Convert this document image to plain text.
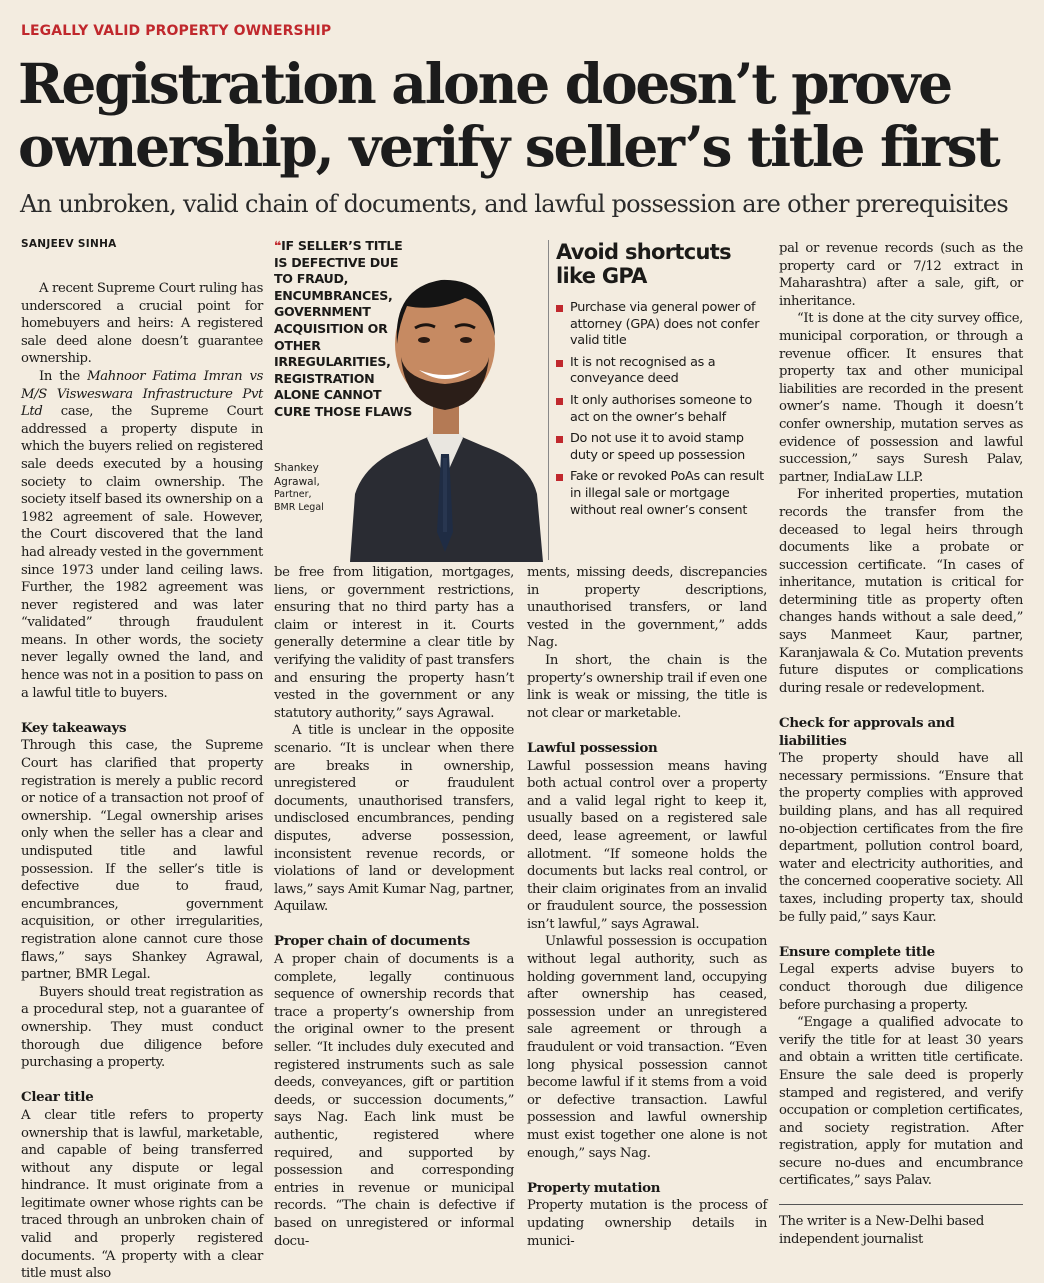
LEGALLY VALID PROPERTY OWNERSHIP
Registration alone doesn’t prove ownership, verify seller’s title first
An unbroken, valid chain of documents, and lawful possession are other prerequisites
SANJEEV SINHA

A recent Supreme Court ruling has underscored a crucial point for homebuyers and heirs: A registered sale deed alone doesn’t guarantee ownership.

In the Mahnoor Fatima Imran vs M/S Visweswara Infrastructure Pvt Ltd case, the Supreme Court addressed a property dispute in which the buyers relied on registered sale deeds executed by a housing society to claim ownership. The society itself based its ownership on a 1982 agreement of sale. However, the Court discovered that the land had already vested in the government since 1973 under land ceiling laws. Further, the 1982 agreement was never registered and was later “validated” through fraudulent means. In other words, the society never legally owned the land, and hence was not in a position to pass on a lawful title to buyers.

Key takeaways

Through this case, the Supreme Court has clarified that property registration is merely a public record or notice of a transaction not proof of ownership. “Legal ownership arises only when the seller has a clear and undisputed title and lawful possession. If the seller’s title is defective due to fraud, encumbrances, government acquisition, or other irregularities, registration alone cannot cure those flaws,” says Shankey Agrawal, partner, BMR Legal.

Buyers should treat registration as a procedural step, not a guarantee of ownership. They must conduct thorough due diligence before purchasing a property.

Clear title

A clear title refers to property ownership that is lawful, marketable, and capable of being transferred without any dispute or legal hindrance. It must originate from a legitimate owner whose rights can be traced through an unbroken chain of valid and properly registered documents. “A property with a clear title must also

❝IF SELLER’S TITLE IS DEFECTIVE DUE TO FRAUD, ENCUMBRANCES, GOVERNMENT ACQUISITION OR OTHER IRREGULARITIES, REGISTRATION ALONE CANNOT CURE THOSE FLAWS
Shankey Agrawal,
Partner,
BMR Legal
Avoid shortcuts like GPA
Purchase via general power of attorney (GPA) does not confer valid title
It is not recognised as a conveyance deed
It only authorises someone to act on the owner’s behalf
Do not use it to avoid stamp duty or speed up possession
Fake or revoked PoAs can result in illegal sale or mortgage without real owner’s consent

be free from litigation, mortgages, liens, or government restrictions, ensuring that no third party has a claim or interest in it. Courts generally determine a clear title by verifying the validity of past transfers and ensuring the property hasn’t vested in the government or any statutory authority,” says Agrawal.

A title is unclear in the opposite scenario. “It is unclear when there are breaks in ownership, unregistered or fraudulent documents, unauthorised transfers, undisclosed encumbrances, pending disputes, adverse possession, inconsistent revenue records, or violations of land or development laws,” says Amit Kumar Nag, partner, Aquilaw.

Proper chain of documents

A proper chain of documents is a complete, legally continuous sequence of ownership records that trace a property’s ownership from the original owner to the present seller. “It includes duly executed and registered instruments such as sale deeds, conveyances, gift or partition deeds, or succession documents,” says Nag. Each link must be authentic, registered where required, and supported by possession and corresponding entries in revenue or municipal records. “The chain is defective if based on unregistered or informal docu-

ments, missing deeds, discrepancies in property descriptions, unauthorised transfers, or land vested in the government,” adds Nag.

In short, the chain is the property’s ownership trail if even one link is weak or missing, the title is not clear or marketable.

Lawful possession

Lawful possession means having both actual control over a property and a valid legal right to keep it, usually based on a registered sale deed, lease agreement, or lawful allotment. “If someone holds the documents but lacks real control, or their claim originates from an invalid or fraudulent source, the possession isn’t lawful,” says Agrawal.

Unlawful possession is occupation without legal authority, such as holding government land, occupying after ownership has ceased, possession under an unregistered sale agreement or through a fraudulent or void transaction. “Even long physical possession cannot become lawful if it stems from a void or defective transaction. Lawful possession and lawful ownership must exist together one alone is not enough,” says Nag.

Property mutation

Property mutation is the process of updating ownership details in munici-

pal or revenue records (such as the property card or 7/12 extract in Maharashtra) after a sale, gift, or inheritance.

“It is done at the city survey office, municipal corporation, or through a revenue officer. It ensures that property tax and other municipal liabilities are recorded in the present owner’s name. Though it doesn’t confer ownership, mutation serves as evidence of possession and lawful succession,” says Suresh Palav, partner, IndiaLaw LLP.

For inherited properties, mutation records the transfer from the deceased to legal heirs through documents like a probate or succession certificate. “In cases of inheritance, mutation is critical for determining title as property often changes hands without a sale deed,” says Manmeet Kaur, partner, Karanjawala & Co. Mutation prevents future disputes or complications during resale or redevelopment.

Check for approvals and liabilities

The property should have all necessary permissions. “Ensure that the property complies with approved building plans, and has all required no-objection certificates from the fire department, pollution control board, water and electricity authorities, and the concerned cooperative society. All taxes, including property tax, should be fully paid,” says Kaur.

Ensure complete title

Legal experts advise buyers to conduct thorough due diligence before purchasing a property.

“Engage a qualified advocate to verify the title for at least 30 years and obtain a written title certificate. Ensure the sale deed is properly stamped and registered, and verify occupation or completion certificates, and society registration. After registration, apply for mutation and secure no-dues and encumbrance certificates,” says Palav.

The writer is a New-Delhi based independent journalist
